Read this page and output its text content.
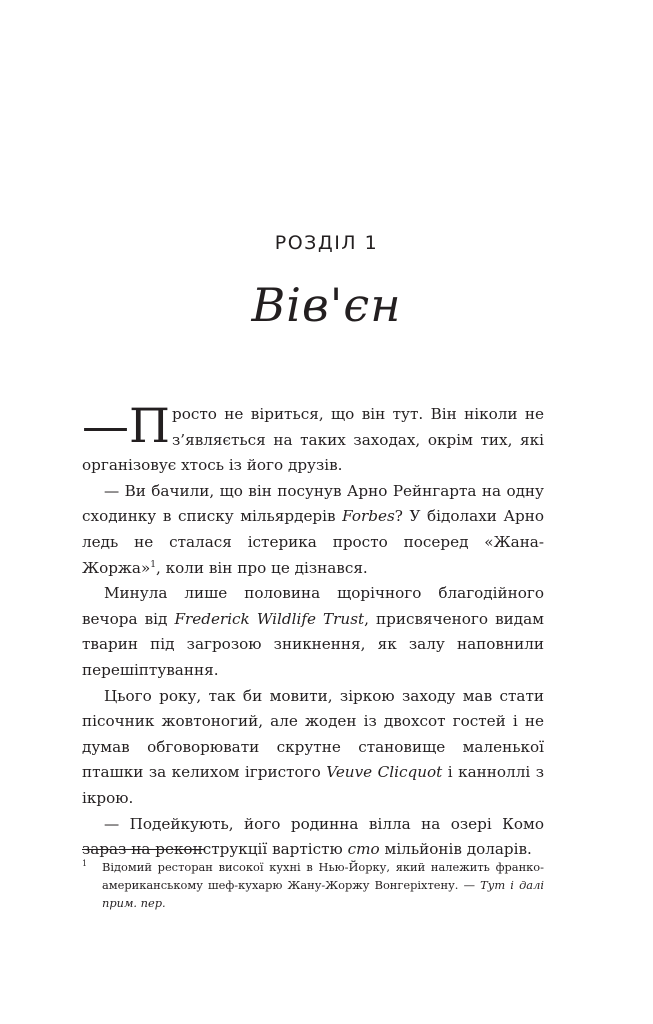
РОЗДІЛ 1
Вів'єн

—П росто не віриться, що він тут. Він ніколи не з’являється на таких заходах, окрім тих, які організовує хтось із його друзів.

— Ви бачили, що він посунув Арно Рейнгарта на одну сходинку в списку мільярдерів Forbes? У бідолахи Арно ледь не сталася істерика просто посеред «Жана-Жоржа»$^1$, коли він про це дізнався.

Минула лише половина щорічного благодійного вечора від Frederick Wildlife Trust, присвяченого видам тварин під загрозою зникнення, як залу наповнили перешіптування.

Цього року, так би мовити, зіркою заходу мав стати пісочник жовтоногий, але жоден із двохсот гостей і не думав обговорювати скрутне становище маленької пташки за келихом ігристого Veuve Clicquot і канноллі з ікрою.

— Подейкують, його родинна вілла на озері Комо зараз на реконструкції вартістю сто мільйонів доларів.

1 Відомий ресторан високої кухні в Нью-Йорку, який належить франко-американському шеф-кухарю Жану-Жоржу Вонгеріхтену. — Тут і далі прим. пер.
